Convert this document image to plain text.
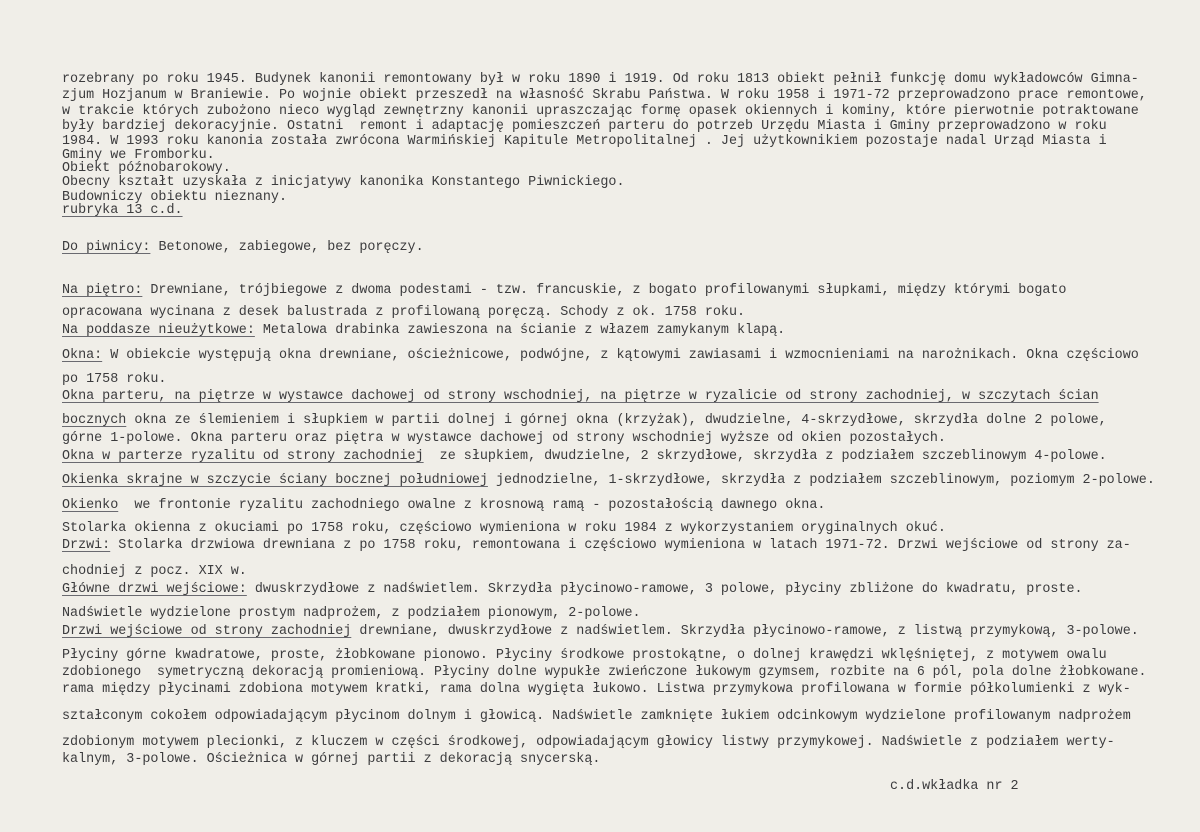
rozebrany po roku 1945. Budynek kanonii remontowany był w roku 1890 i 1919. Od roku 1813 obiekt pełnił funkcję domu wykładowców Gimna-
zjum Hozjanum w Braniewie. Po wojnie obiekt przeszedł na własność Skrabu Państwa. W roku 1958 i 1971-72 przeprowadzono prace remontowe,
w trakcie których zubożono nieco wygląd zewnętrzny kanonii upraszczając formę opasek okiennych i kominy, które pierwotnie potraktowane
były bardziej dekoracyjnie. Ostatni  remont i adaptację pomieszczeń parteru do potrzeb Urzędu Miasta i Gminy przeprowadzono w roku
1984. W 1993 roku kanonia została zwrócona Warmińskiej Kapitule Metropolitalnej . Jej użytkownikiem pozostaje nadal Urząd Miasta i
Gminy we Fromborku.
Obiekt późnobarokowy.
Obecny kształt uzyskała z inicjatywy kanonika Konstantego Piwnickiego.
Budowniczy obiektu nieznany.
rubryka 13 c.d.
Do piwnicy: Betonowe, zabiegowe, bez poręczy.
Na piętro: Drewniane, trójbiegowe z dwoma podestami - tzw. francuskie, z bogato profilowanymi słupkami, między którymi bogato
opracowana wycinana z desek balustrada z profilowaną poręczą. Schody z ok. 1758 roku.
Na poddasze nieużytkowe: Metalowa drabinka zawieszona na ścianie z włazem zamykanym klapą.
Okna: W obiekcie występują okna drewniane, ościeżnicowe, podwójne, z kątowymi zawiasami i wzmocnieniami na narożnikach. Okna częściowo
po 1758 roku.
Okna parteru, na piętrze w wystawce dachowej od strony wschodniej, na piętrze w ryzalicie od strony zachodniej, w szczytach ścian
bocznych okna ze ślemieniem i słupkiem w partii dolnej i górnej okna (krzyżak), dwudzielne, 4-skrzydłowe, skrzydła dolne 2 polowe,
górne 1-polowe. Okna parteru oraz piętra w wystawce dachowej od strony wschodniej wyższe od okien pozostałych.
Okna w parterze ryzalitu od strony zachodniej  ze słupkiem, dwudzielne, 2 skrzydłowe, skrzydła z podziałem szczeblinowym 4-polowe.
Okienka skrajne w szczycie ściany bocznej południowej jednodzielne, 1-skrzydłowe, skrzydła z podziałem szczeblinowym, poziomym 2-polowe.
Okienko  we frontonie ryzalitu zachodniego owalne z krosnową ramą - pozostałością dawnego okna.
Stolarka okienna z okuciami po 1758 roku, częściowo wymieniona w roku 1984 z wykorzystaniem oryginalnych okuć.
Drzwi: Stolarka drzwiowa drewniana z po 1758 roku, remontowana i częściowo wymieniona w latach 1971-72. Drzwi wejściowe od strony za-
chodniej z pocz. XIX w.
Główne drzwi wejściowe: dwuskrzydłowe z nadświetlem. Skrzydła płycinowo-ramowe, 3 polowe, płyciny zbliżone do kwadratu, proste.
Nadświetle wydzielone prostym nadprożem, z podziałem pionowym, 2-polowe.
Drzwi wejściowe od strony zachodniej drewniane, dwuskrzydłowe z nadświetlem. Skrzydła płycinowo-ramowe, z listwą przymykową, 3-polowe.
Płyciny górne kwadratowe, proste, żłobkowane pionowo. Płyciny środkowe prostokątne, o dolnej krawędzi wklęśniętej, z motywem owalu
zdobionego  symetryczną dekoracją promieniową. Płyciny dolne wypukłe zwieńczone łukowym gzymsem, rozbite na 6 pól, pola dolne żłobkowane.
rama między płycinami zdobiona motywem kratki, rama dolna wygięta łukowo. Listwa przymykowa profilowana w formie półkolumienki z wyk-
ształconym cokołem odpowiadającym płycinom dolnym i głowicą. Nadświetle zamknięte łukiem odcinkowym wydzielone profilowanym nadprożem
zdobionym motywem plecionki, z kluczem w części środkowej, odpowiadającym głowicy listwy przymykowej. Nadświetle z podziałem werty-
kalnym, 3-polowe. Ościeżnica w górnej partii z dekoracją snycerską.
c.d.wkładka nr 2
